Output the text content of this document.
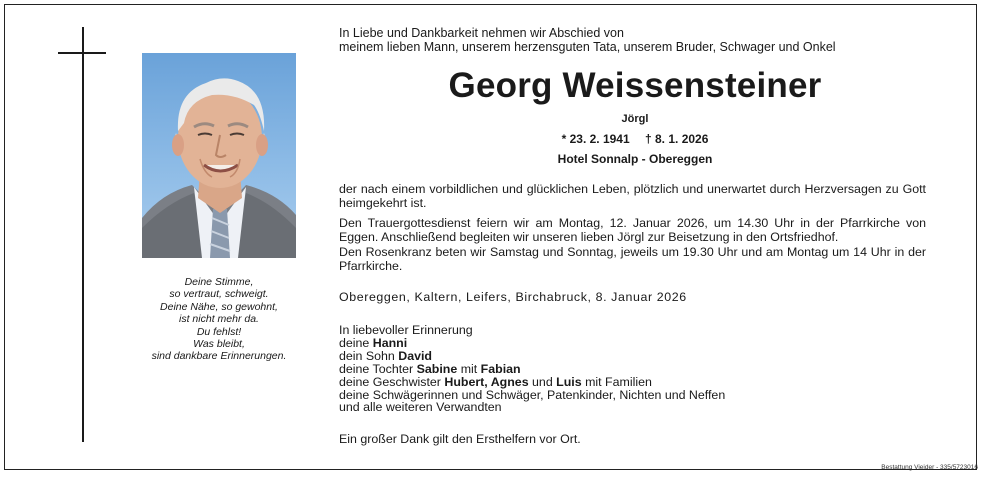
Deine Stimme,
so vertraut, schweigt.
Deine Nähe, so gewohnt,
ist nicht mehr da.
Du fehlst!
Was bleibt,
sind dankbare Erinnerungen.
In Liebe und Dankbarkeit nehmen wir Abschied von
meinem lieben Mann, unserem herzensguten Tata, unserem Bruder, Schwager und Onkel
Georg Weissensteiner
Jörgl
* 23. 2. 1941 † 8. 1. 2026
Hotel Sonnalp - Obereggen
der nach einem vorbildlichen und glücklichen Leben, plötzlich und unerwartet durch Herzversagen zu Gott heimgekehrt ist.
Den Trauergottesdienst feiern wir am Montag, 12. Januar 2026, um 14.30 Uhr in der Pfarrkirche von Eggen. Anschließend begleiten wir unseren lieben Jörgl zur Beisetzung in den Ortsfriedhof.
Den Rosenkranz beten wir Samstag und Sonntag, jeweils um 19.30 Uhr und am Montag um 14 Uhr in der Pfarrkirche.
Obereggen, Kaltern, Leifers, Birchabruck, 8. Januar 2026
In liebevoller Erinnerung
deine Hanni
dein Sohn David
deine Tochter Sabine mit Fabian
deine Geschwister Hubert, Agnes und Luis mit Familien
deine Schwägerinnen und Schwäger, Patenkinder, Nichten und Neffen
und alle weiteren Verwandten
Ein großer Dank gilt den Ersthelfern vor Ort.
Bestattung Vieider - 335/5723016
